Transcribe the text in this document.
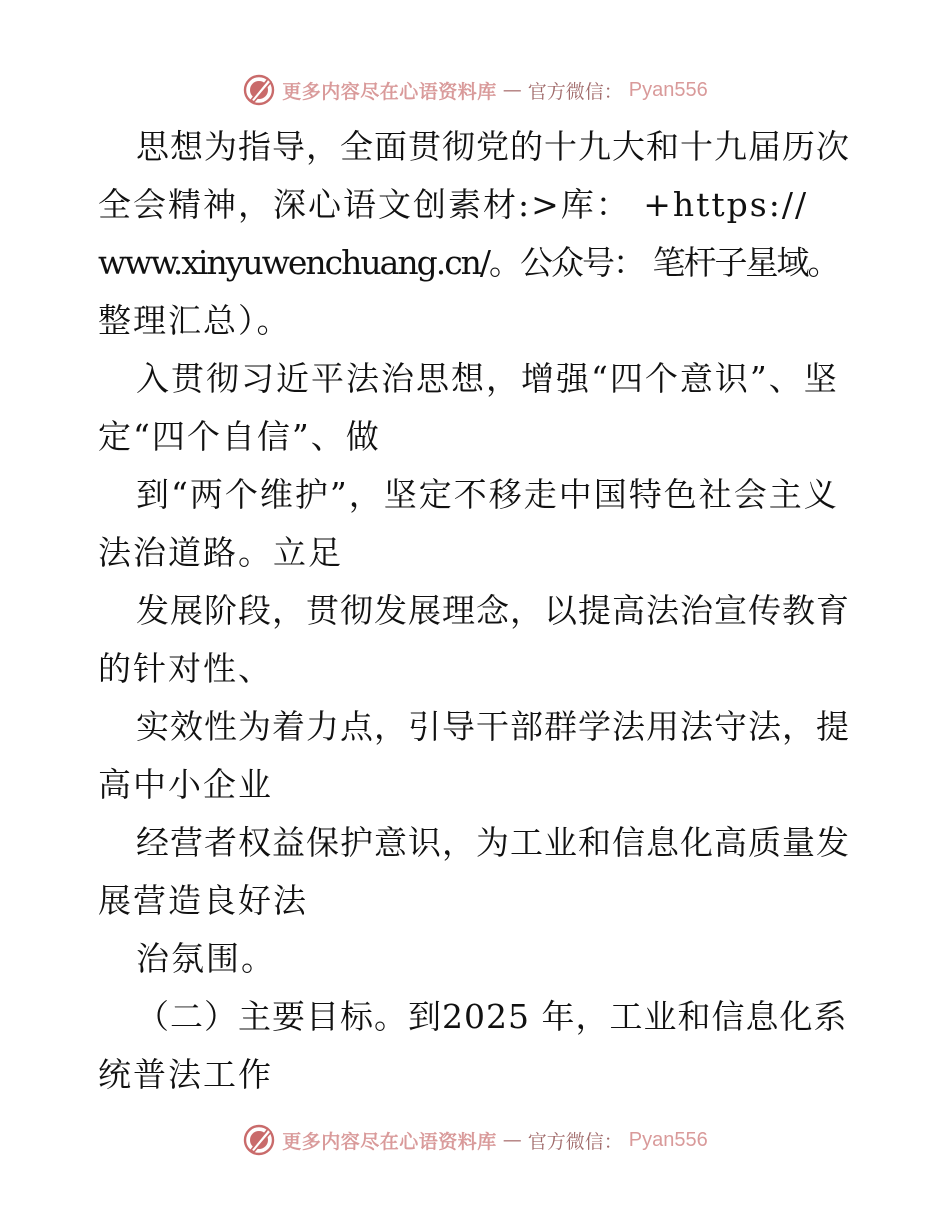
更多内容尽在心语资料库 — 官方微信： Pyan556
思想为指导，全面贯彻党的十九大和十九届历次
全会精神，深心语文创素材:>库： +https://
www.xinyuwenchuang.cn/。公众号： 笔杆子星域。
整理汇总）。
入贯彻习近平法治思想，增强“四个意识”、坚
定“四个自信”、做
到“两个维护”，坚定不移走中国特色社会主义
法治道路。立足
发展阶段，贯彻发展理念，以提高法治宣传教育
的针对性、
实效性为着力点，引导干部群学法用法守法，提
高中小企业
经营者权益保护意识，为工业和信息化高质量发
展营造良好法
治氛围。
（二）主要目标。到2025 年，工业和信息化系
统普法工作
更多内容尽在心语资料库 — 官方微信： Pyan556
